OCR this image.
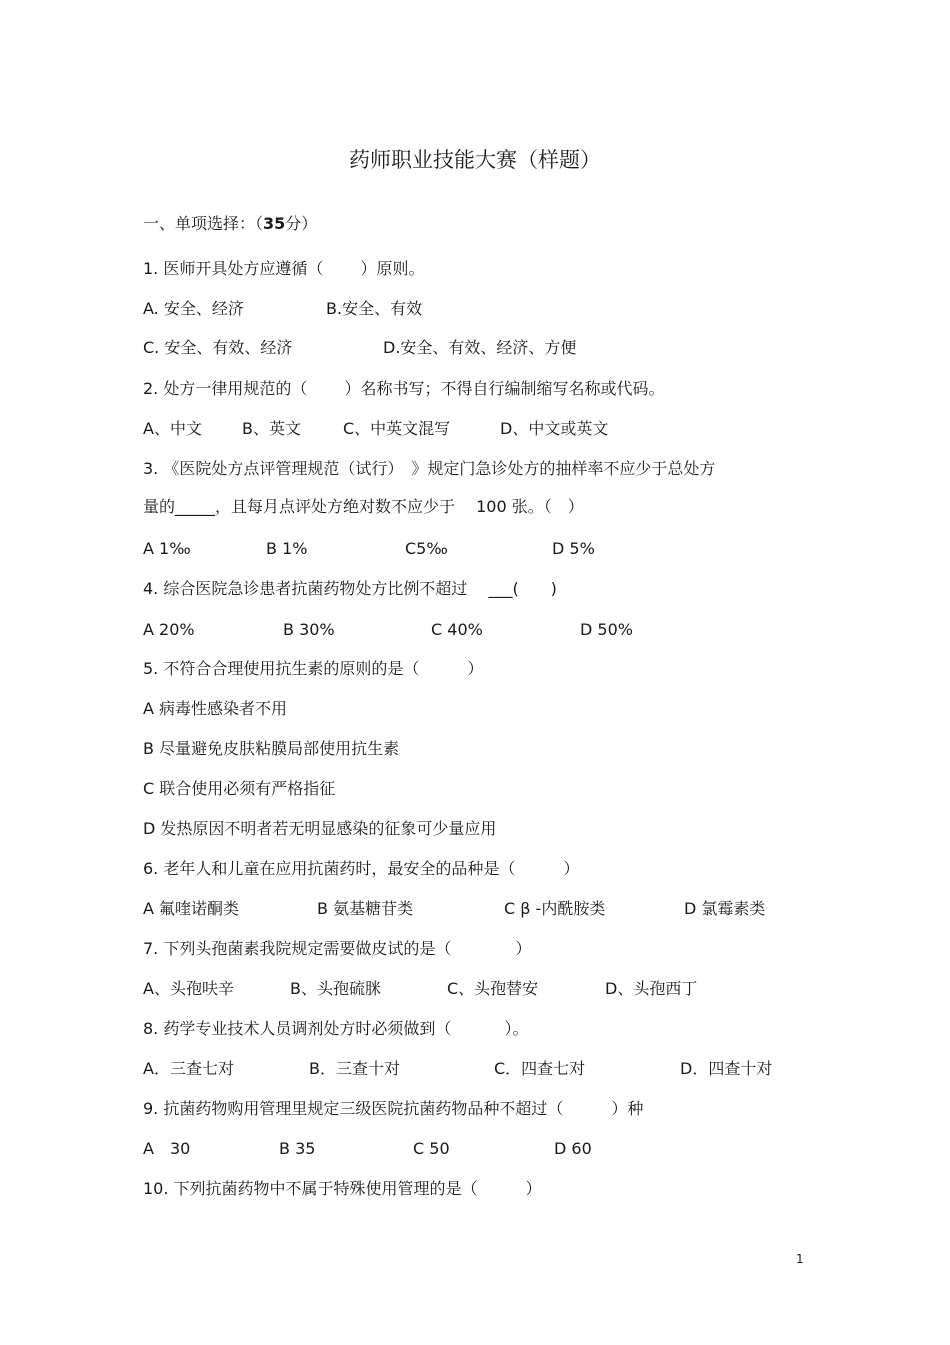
药师职业技能大赛（样题）
一、单项选择：（35分）
1. 医师开具处方应遵循（　　 ）原则。
A. 安全、经济	B.安全、有效
C. 安全、有效、经济	D.安全、有效、经济、方便
2. 处方一律用规范的（　　 ）名称书写；不得自行编制缩写名称或代码。
A、中文	B、英文	C、中英文混写	D、中文或英文
3. 《医院处方点评管理规范（试行）　》规定门急诊处方的抽样率不应少于总处方
量的_____，且每月点评处方绝对数不应少于　 100 张。（　）
A 1‰	B 1%	C5‰	D 5%
4. 综合医院急诊患者抗菌药物处方比例不超过　 ___(　　)
A 20%	B 30%	C 40%	D 50%
5. 不符合合理使用抗生素的原则的是（　　　）
A 病毒性感染者不用
B 尽量避免皮肤粘膜局部使用抗生素
C 联合使用必须有严格指征
D 发热原因不明者若无明显感染的征象可少量应用
6. 老年人和儿童在应用抗菌药时，最安全的品种是（　　　）
A 氟喹诺酮类	B 氨基糖苷类	C β -内酰胺类	D 氯霉素类
7. 下列头孢菌素我院规定需要做皮试的是（　　　　）
A、头孢呋辛	B、头孢硫脒	C、头孢替安	D、头孢西丁
8. 药学专业技术人员调剂处方时必须做到（　　　 ）。
A．三查七对	B．三查十对	C．四查七对	D．四查十对
9. 抗菌药物购用管理里规定三级医院抗菌药物品种不超过（　　　）种
A　30	B 35	C 50	D 60
10. 下列抗菌药物中不属于特殊使用管理的是（　　　）
1
